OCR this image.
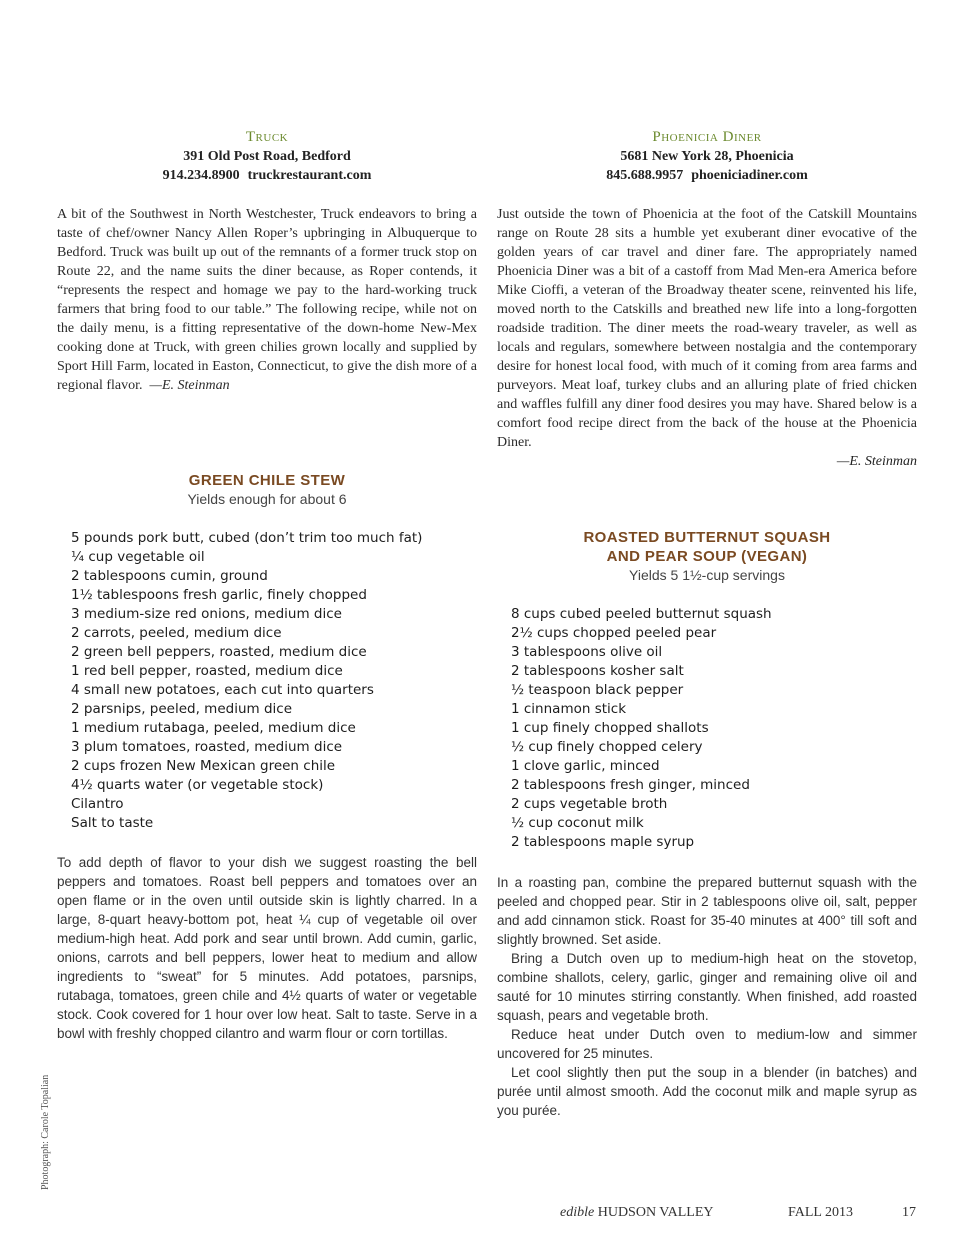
Truck

391 Old Post Road, Bedford

914.234.8900 truckrestaurant.com

A bit of the Southwest in North Westchester, Truck endeavors to bring a taste of chef/owner Nancy Allen Roper’s upbringing in Albuquerque to Bedford. Truck was built up out of the remnants of a former truck stop on Route 22, and the name suits the diner because, as Roper contends, it “represents the respect and homage we pay to the hard-working truck farmers that bring food to our table.” The following recipe, while not on the daily menu, is a fitting representative of the down-home New-Mex cooking done at Truck, with green chilies grown locally and supplied by Sport Hill Farm, located in Easton, Connecticut, to give the dish more of a regional flavor. —E. Steinman

GREEN CHILE STEW

Yields enough for about 6

5 pounds pork butt, cubed (don’t trim too much fat)
¼ cup vegetable oil
2 tablespoons cumin, ground
1½ tablespoons fresh garlic, finely chopped
3 medium-size red onions, medium dice
2 carrots, peeled, medium dice
2 green bell peppers, roasted, medium dice
1 red bell pepper, roasted, medium dice
4 small new potatoes, each cut into quarters
2 parsnips, peeled, medium dice
1 medium rutabaga, peeled, medium dice
3 plum tomatoes, roasted, medium dice
2 cups frozen New Mexican green chile
4½ quarts water (or vegetable stock)
Cilantro
Salt to taste

To add depth of flavor to your dish we suggest roasting the bell peppers and tomatoes. Roast bell peppers and tomatoes over an open flame or in the oven until outside skin is lightly charred. In a large, 8-quart heavy-bottom pot, heat ¼ cup of vegetable oil over medium-high heat. Add pork and sear until brown. Add cumin, garlic, onions, carrots and bell peppers, lower heat to medium and allow ingredients to “sweat” for 5 minutes. Add potatoes, parsnips, rutabaga, tomatoes, green chile and 4½ quarts of water or vegetable stock. Cook covered for 1 hour over low heat. Salt to taste. Serve in a bowl with freshly chopped cilantro and warm flour or corn tortillas.

Phoenicia Diner

5681 New York 28, Phoenicia

845.688.9957 phoeniciadiner.com

Just outside the town of Phoenicia at the foot of the Catskill Mountains range on Route 28 sits a humble yet exuberant diner evocative of the golden years of car travel and diner fare. The appropriately named Phoenicia Diner was a bit of a castoff from Mad Men-era America before Mike Cioffi, a veteran of the Broadway theater scene, reinvented his life, moved north to the Catskills and breathed new life into a long-forgotten roadside tradition. The diner meets the road-weary traveler, as well as locals and regulars, somewhere between nostalgia and the contemporary desire for honest local food, with much of it coming from area farms and purveyors. Meat loaf, turkey clubs and an alluring plate of fried chicken and waffles fulfill any diner food desires you may have. Shared below is a comfort food recipe direct from the back of the house at the Phoenicia Diner.

—E. Steinman

ROASTED BUTTERNUT SQUASH

AND PEAR SOUP (VEGAN)

Yields 5 1½-cup servings

8 cups cubed peeled butternut squash
2½ cups chopped peeled pear
3 tablespoons olive oil
2 tablespoons kosher salt
½ teaspoon black pepper
1 cinnamon stick
1 cup finely chopped shallots
½ cup finely chopped celery
1 clove garlic, minced
2 tablespoons fresh ginger, minced
2 cups vegetable broth
½ cup coconut milk
2 tablespoons maple syrup

In a roasting pan, combine the prepared butternut squash with the peeled and chopped pear. Stir in 2 tablespoons olive oil, salt, pepper and add cinnamon stick. Roast for 35-40 minutes at 400° till soft and slightly browned. Set aside.

Bring a Dutch oven up to medium-high heat on the stovetop, combine shallots, celery, garlic, ginger and remaining olive oil and sauté for 10 minutes stirring constantly. When finished, add roasted squash, pears and vegetable broth.

Reduce heat under Dutch oven to medium-low and simmer uncovered for 25 minutes.

Let cool slightly then put the soup in a blender (in batches) and purée until almost smooth. Add the coconut milk and maple syrup as you purée.

Photograph: Carole Topalian
edible HUDSON VALLEY	FALL 2013	17
